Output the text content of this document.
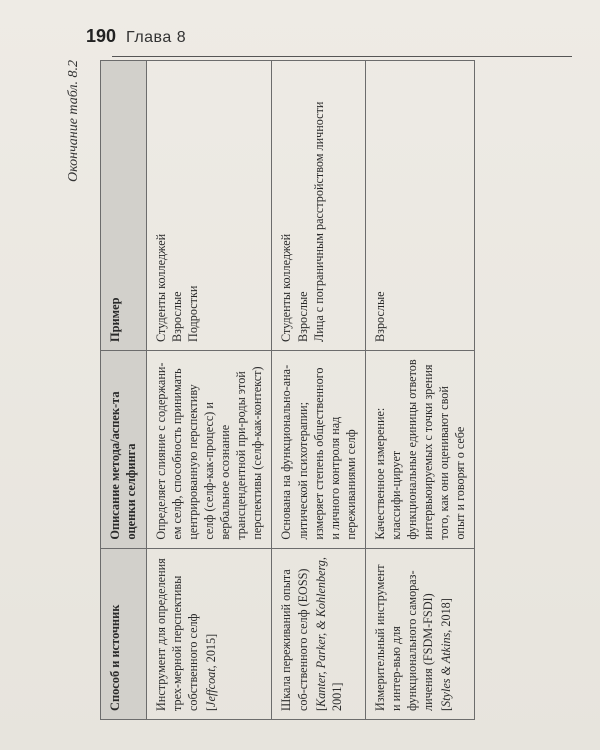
190 Глава 8
Окончание табл. 8.2
Способ и источник	Описание метода/аспек-та оценки селфинга	Пример
Инструмент для определения трех-мерной перспективы собственного селф [Jeffcoat, 2015]	Определяет слияние с содержани-ем селф, способность принимать центрированную перспективу селф (селф-как-процесс) и вербальное осознание трансцендентной при-роды этой перспективы (селф-как-контекст)	Студенты колледжей Взрослые Подростки

Шкала переживаний опыта соб-ственного селф (EOSS) [Kanter, Parker, & Kohlenberg, 2001]	Основана на функционально-ана-литической психотерапии; измеряет степень общественного и личного контроля над переживаниями селф	Студенты колледжей Взрослые Лица с пограничным расстройством личности

Измерительный инструмент и интер-вью для функционального самораз-личения (FSDM-FSDI) [Styles & Atkins, 2018]	Качественное измерение: классифи-цирует функциональные единицы ответов интервьюируемых с точки зрения того, как они оценивают свой опыт и говорят о себе	Взрослые
